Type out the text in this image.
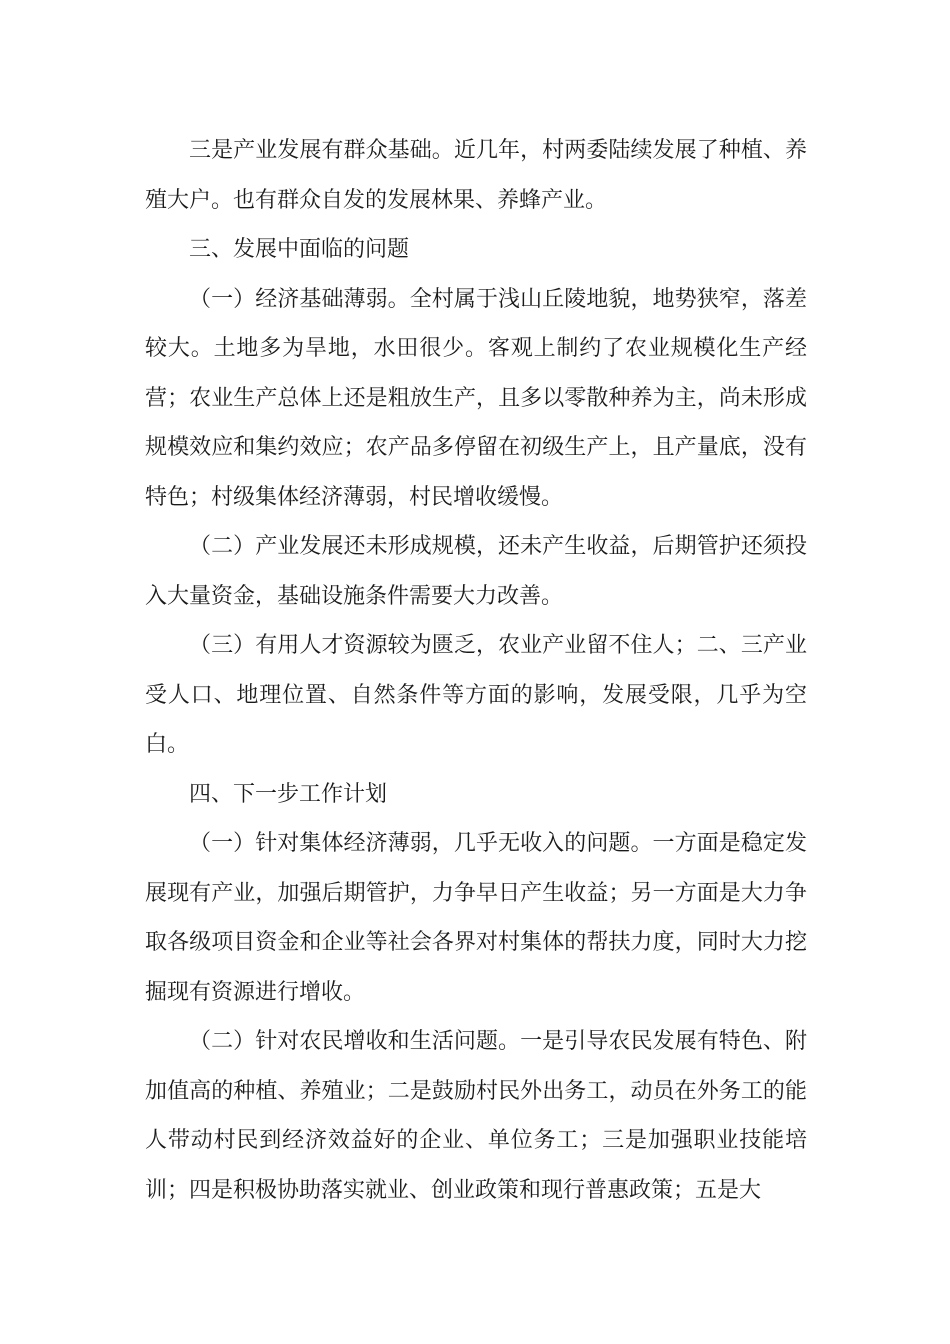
三是产业发展有群众基础。近几年，村两委陆续发展了种植、养殖大户。也有群众自发的发展林果、养蜂产业。

三、发展中面临的问题

（一）经济基础薄弱。全村属于浅山丘陵地貌，地势狭窄，落差较大。土地多为旱地，水田很少。客观上制约了农业规模化生产经营；农业生产总体上还是粗放生产，且多以零散种养为主，尚未形成规模效应和集约效应；农产品多停留在初级生产上，且产量底，没有特色；村级集体经济薄弱，村民增收缓慢。

（二）产业发展还未形成规模，还未产生收益，后期管护还须投入大量资金，基础设施条件需要大力改善。

（三）有用人才资源较为匮乏，农业产业留不住人；二、三产业受人口、地理位置、自然条件等方面的影响，发展受限，几乎为空白。

四、下一步工作计划

（一）针对集体经济薄弱，几乎无收入的问题。一方面是稳定发展现有产业，加强后期管护，力争早日产生收益；另一方面是大力争取各级项目资金和企业等社会各界对村集体的帮扶力度，同时大力挖掘现有资源进行增收。

（二）针对农民增收和生活问题。一是引导农民发展有特色、附加值高的种植、养殖业；二是鼓励村民外出务工，动员在外务工的能人带动村民到经济效益好的企业、单位务工；三是加强职业技能培训；四是积极协助落实就业、创业政策和现行普惠政策；五是大
